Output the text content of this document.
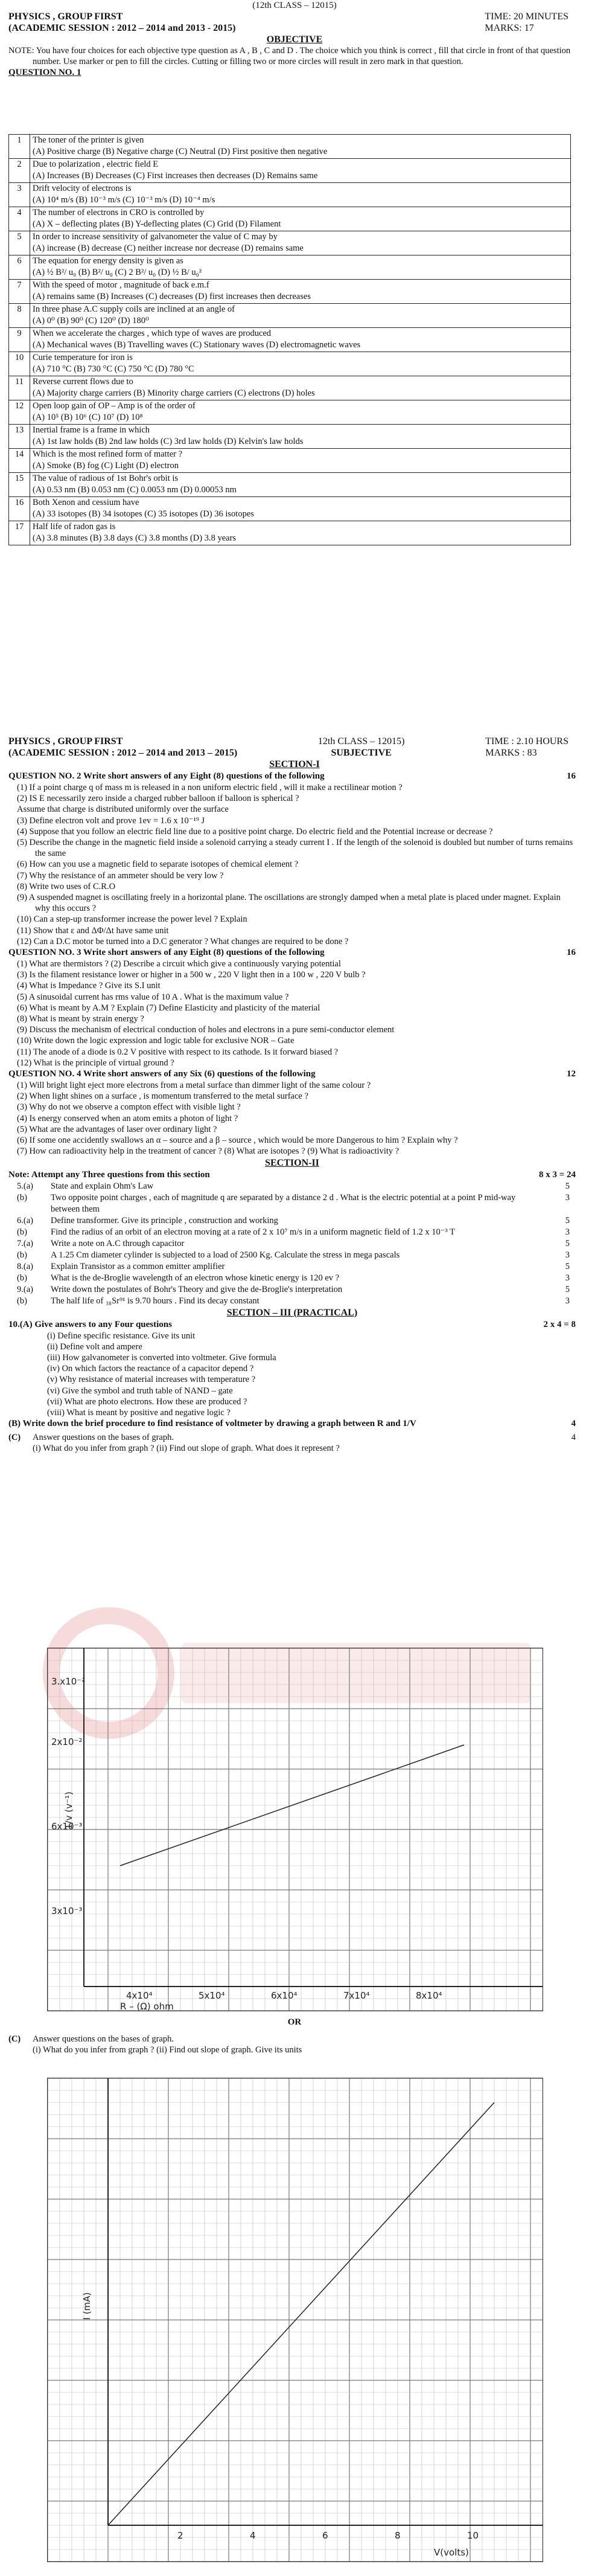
(12th CLASS – 12015)
PHYSICS , GROUP FIRST
(ACADEMIC SESSION : 2012 – 2014 and 2013 - 2015)
TIME: 20 MINUTES
MARKS: 17
OBJECTIVE
NOTE: You have four choices for each objective type question as A , B , C and D . The choice which you think is correct , fill that circle in front of that question number. Use marker or pen to fill the circles. Cutting or filling two or more circles will result in zero mark in that question.
QUESTION NO. 1
1	The toner of the printer is given
	(A) Positive charge (B) Negative charge (C) Neutral (D) First positive then negative
2	Due to polarization , electric field E
	(A) Increases (B) Decreases (C) First increases then decreases (D) Remains same
3	Drift velocity of electrons is
	(A) 10⁴ m/s (B) 10⁻³ m/s (C) 10⁻³ m/s (D) 10⁻⁴ m/s
4	The number of electrons in CRO is controlled by
	(A) X – deflecting plates (B) Y-deflecting plates (C) Grid (D) Filament
5	In order to increase sensitivity of galvanometer the value of C may by
	(A) increase (B) decrease (C) neither increase nor decrease (D) remains same
6	The equation for energy density is given as
	(A) ½ B²/ u₀ (B) B²/ u₀ (C) 2 B²/ u₀ (D) ½ B/ u₀²
7	With the speed of motor , magnitude of back e.m.f
	(A) remains same (B) Increases (C) decreases (D) first increases then decreases
8	In three phase A.C supply coils are inclined at an angle of
	(A) 0⁰ (B) 90⁰ (C) 120⁰ (D) 180⁰
9	When we accelerate the charges , which type of waves are produced
	(A) Mechanical waves (B) Travelling waves (C) Stationary waves (D) electromagnetic waves
10	Curie temperature for iron is
	(A) 710 °C (B) 730 °C (C) 750 °C (D) 780 °C
11	Reverse current flows due to
	(A) Majority charge carriers (B) Minority charge carriers (C) electrons (D) holes
12	Open loop gain of OP – Amp is of the order of
	(A) 10⁵ (B) 10⁶ (C) 10⁷ (D) 10⁸
13	Inertial frame is a frame in which
	(A) 1st law holds (B) 2nd law holds (C) 3rd law holds (D) Kelvin's law holds
14	Which is the most refined form of matter ?
	(A) Smoke (B) fog (C) Light (D) electron
15	The value of radious of 1st Bohr's orbit is
	(A) 0.53 nm (B) 0.053 nm (C) 0.0053 nm (D) 0.00053 nm
16	Both Xenon and cessium have
	(A) 33 isotopes (B) 34 isotopes (C) 35 isotopes (D) 36 isotopes
17	Half life of radon gas is
	(A) 3.8 minutes (B) 3.8 days (C) 3.8 months (D) 3.8 years
PHYSICS , GROUP FIRST
(ACADEMIC SESSION : 2012 – 2014 and 2013 – 2015)
12th CLASS – 12015)
SUBJECTIVE
TIME : 2.10 HOURS
MARKS : 83
SECTION-I
QUESTION NO. 2 Write short answers of any Eight (8) questions of the following	16
(1) If a point charge q of mass m is released in a non uniform electric field , will it make a rectilinear motion ?
(2) IS E necessarily zero inside a charged rubber balloon if balloon is spherical ?
Assume that charge is distributed uniformly over the surface
(3) Define electron volt and prove 1ev = 1.6 x 10⁻¹⁹ J
(4) Suppose that you follow an electric field line due to a positive point charge. Do electric field and the Potential increase or decrease ?
(5) Describe the change in the magnetic field inside a solenoid carrying a steady current I . If the length of the solenoid is doubled but number of turns remains the same
(6) How can you use a magnetic field to separate isotopes of chemical element ?
(7) Why the resistance of an ammeter should be very low ?
(8) Write two uses of C.R.O
(9) A suspended magnet is oscillating freely in a horizontal plane. The oscillations are strongly damped when a metal plate is placed under magnet. Explain why this occurs ?
(10) Can a step-up transformer increase the power level ? Explain
(11) Show that ε and ΔΦ/Δt have same unit
(12) Can a D.C motor be turned into a D.C generator ? What changes are required to be done ?
QUESTION NO. 3 Write short answers of any Eight (8) questions of the following	16
(1) What are thermistors ? (2) Describe a circuit which give a continuously varying potential
(3) Is the filament resistance lower or higher in a 500 w , 220 V light then in a 100 w , 220 V bulb ?
(4) What is Impedance ? Give its S.I unit
(5) A sinusoidal current has rms value of 10 A . What is the maximum value ?
(6) What is meant by A.M ? Explain (7) Define Elasticity and plasticity of the material
(8) What is meant by strain energy ?
(9) Discuss the mechanism of electrical conduction of holes and electrons in a pure semi-conductor element
(10) Write down the logic expression and logic table for exclusive NOR – Gate
(11) The anode of a diode is 0.2 V positive with respect to its cathode. Is it forward biased ?
(12) What is the principle of virtual ground ?
QUESTION NO. 4 Write short answers of any Six (6) questions of the following	12
(1) Will bright light eject more electrons from a metal surface than dimmer light of the same colour ?
(2) When light shines on a surface , is momentum transferred to the metal surface ?
(3) Why do not we observe a compton effect with visible light ?
(4) Is energy conserved when an atom emits a photon of light ?
(5) What are the advantages of laser over ordinary light ?
(6) If some one accidently swallows an α – source and a β – source , which would be more Dangerous to him ? Explain why ?
(7) How can radioactivity help in the treatment of cancer ? (8) What are isotopes ? (9) What is radioactivity ?
SECTION-II
Note: Attempt any Three questions from this section	8 x 3 = 24
5.(a)	State and explain Ohm's Law	5
(b)	Two opposite point charges , each of magnitude q are separated by a distance 2 d . What is the electric potential at a point P mid-way between them
3
6.(a)	Define transformer. Give its principle , construction and working	5
(b)	Find the radius of an orbit of an electron moving at a rate of 2 x 10⁷ m/s in a uniform magnetic field of 1.2 x 10⁻³ T	3
7.(a)	Write a note on A.C through capacitor	5
(b)	A 1.25 Cm diameter cylinder is subjected to a load of 2500 Kg. Calculate the stress in mega pascals	3
8.(a)	Explain Transistor as a common emitter amplifier	5
(b)	What is the de-Broglie wavelength of an electron whose kinetic energy is 120 ev ?	3
9.(a)	Write down the postulates of Bohr's Theory and give the de-Broglie's interpretation	5
(b)	The half life of ₃₈Sr⁹¹ is 9.70 hours . Find its decay constant	3
SECTION – III (PRACTICAL)
10.(A) Give answers to any Four questions	2 x 4 = 8
(i) Define specific resistance. Give its unit
(ii) Define volt and ampere
(iii) How galvanometer is converted into voltmeter. Give formula
(iv) On which factors the reactance of a capacitor depend ?
(v) Why resistance of material increases with temperature ?
(vi) Give the symbol and truth table of NAND – gate
(vii) What are photo electrons. How these are produced ?
(viii) What is meant by positive and negative logic ?
(B) Write down the brief procedure to find resistance of voltmeter by drawing a graph between R and 1/V	4
(C)	Answer questions on the bases of graph.
(i) What do you infer from graph ? (ii) Find out slope of graph. What does it represent ?
4
3.x10⁻²
2x10⁻²
6x10⁻³
3x10⁻³
1/v (v⁻¹)
4x10⁴	5x10⁴	6x10⁴	7x10⁴	8x10⁴
R – (Ω) ohm
OR
(C)	Answer questions on the bases of graph.
(i) What do you infer from graph ? (ii) Find out slope of graph. Give its units
I (mA)
2	4	6	8	10
V(volts)
